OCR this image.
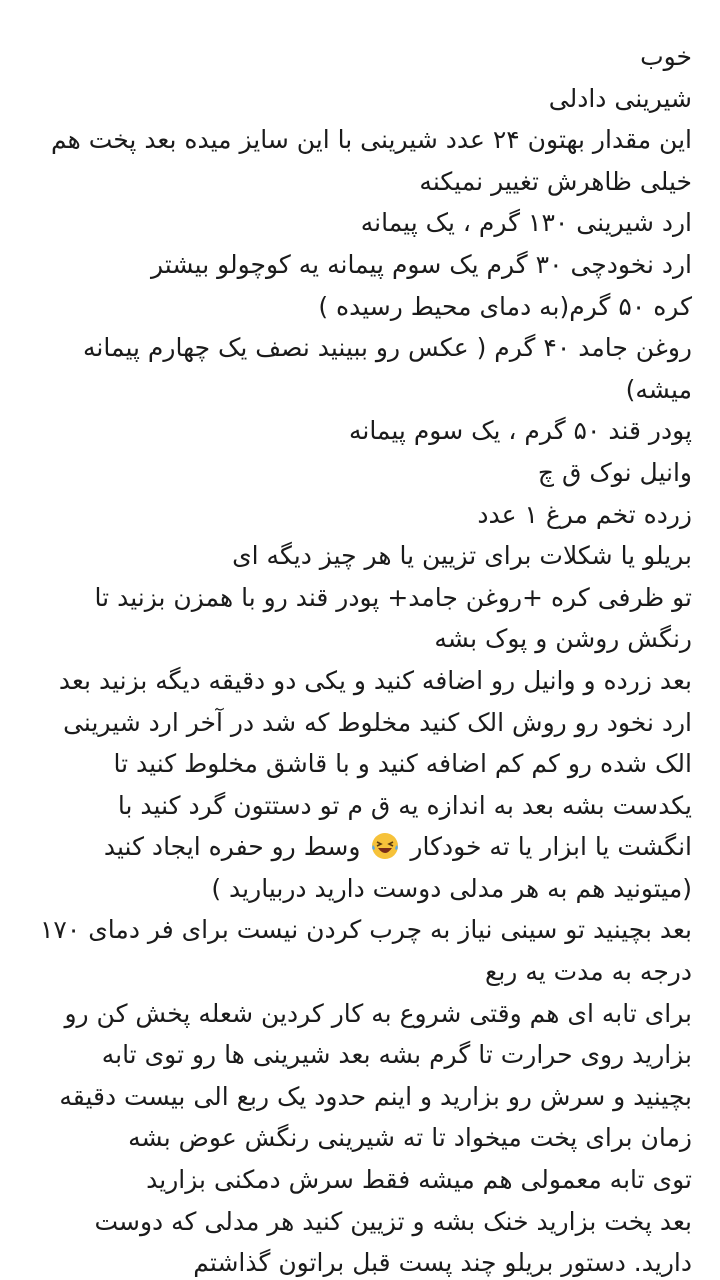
خوب
شیرینی دادلی
این مقدار بهتون ۲۴ عدد شیرینی با این سایز میده بعد پخت هم
خیلی ظاهرش تغییر نمیکنه
ارد شیرینی ۱۳۰ گرم ، یک پیمانه
ارد نخودچی ۳۰ گرم یک سوم پیمانه یه کوچولو بیشتر
کره ۵۰ گرم(به دمای محیط رسیده )
روغن جامد ۴۰ گرم ( عکس رو ببینید نصف یک چهارم پیمانه
میشه)
پودر قند ۵۰ گرم ، یک سوم پیمانه
وانیل نوک ق چ
زرده تخم مرغ ۱ عدد
بریلو یا شکلات برای تزیین یا هر چیز دیگه ای
تو ظرفی کره +روغن جامد+ پودر قند رو با همزن بزنید تا
رنگش روشن و پوک بشه
بعد زرده و وانیل رو اضافه کنید و یکی دو دقیقه دیگه بزنید بعد
ارد نخود رو روش الک کنید مخلوط که شد در آخر ارد شیرینی
الک شده رو کم کم اضافه کنید و با قاشق مخلوط کنید تا
یکدست بشه بعد به اندازه یه ق م تو دستتون گرد کنید با
انگشت یا ابزار یا ته خودکار  وسط رو حفره ایجاد کنید
(میتونید هم به هر مدلی دوست دارید دربیارید )
بعد بچینید تو سینی نیاز به چرب کردن نیست برای فر دمای ۱۷۰
درجه به مدت یه ربع
برای تابه ای هم وقتی شروع به کار کردین شعله پخش کن رو
بزارید روی حرارت تا گرم بشه بعد شیرینی ها رو توی تابه
بچینید و سرش رو بزارید و اینم حدود یک ربع الی بیست دقیقه
زمان برای پخت میخواد تا ته شیرینی رنگش عوض بشه
توی تابه معمولی هم میشه فقط سرش دمکنی بزارید
بعد پخت بزارید خنک بشه و تزیین کنید هر مدلی که دوست
دارید. دستور بریلو چند پست قبل براتون گذاشتم
